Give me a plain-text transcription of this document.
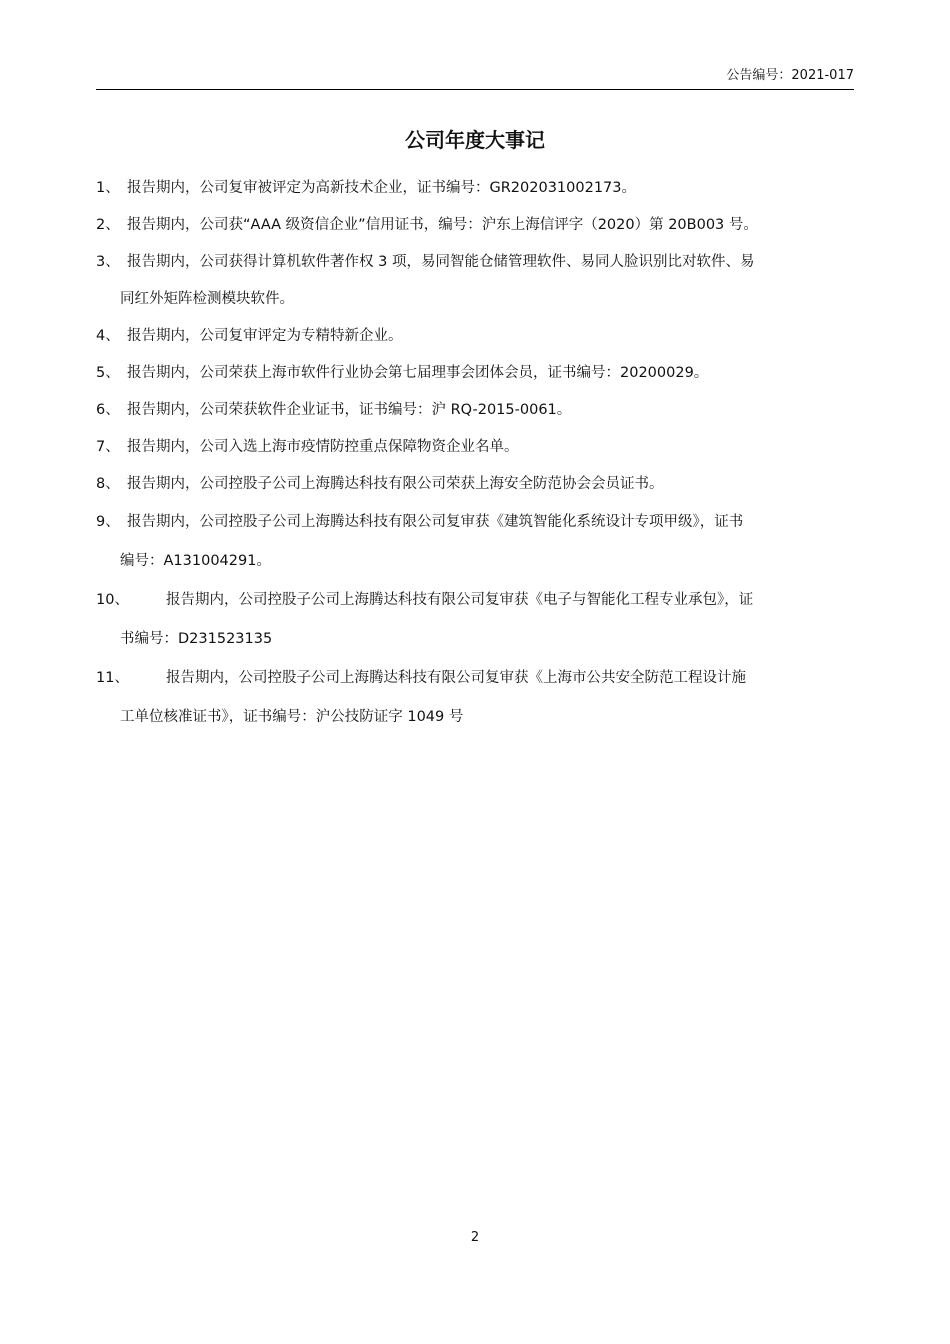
公告编号：2021-017
公司年度大事记
1、 报告期内，公司复审被评定为高新技术企业，证书编号：GR202031002173。
2、 报告期内，公司获“AAA 级资信企业”信用证书，编号：沪东上海信评字（2020）第 20B003 号。
3、 报告期内，公司获得计算机软件著作权 3 项，易同智能仓储管理软件、易同人脸识别比对软件、易
同红外矩阵检测模块软件。
4、 报告期内，公司复审评定为专精特新企业。
5、 报告期内，公司荣获上海市软件行业协会第七届理事会团体会员，证书编号：20200029。
6、 报告期内，公司荣获软件企业证书，证书编号：沪 RQ-2015-0061。
7、 报告期内，公司入选上海市疫情防控重点保障物资企业名单。
8、 报告期内，公司控股子公司上海腾达科技有限公司荣获上海安全防范协会会员证书。
9、 报告期内，公司控股子公司上海腾达科技有限公司复审获《建筑智能化系统设计专项甲级》，证书
编号：A131004291。
10、	报告期内，公司控股子公司上海腾达科技有限公司复审获《电子与智能化工程专业承包》，证
书编号：D231523135
11、	报告期内，公司控股子公司上海腾达科技有限公司复审获《上海市公共安全防范工程设计施
工单位核准证书》，证书编号：沪公技防证字 1049 号
2
